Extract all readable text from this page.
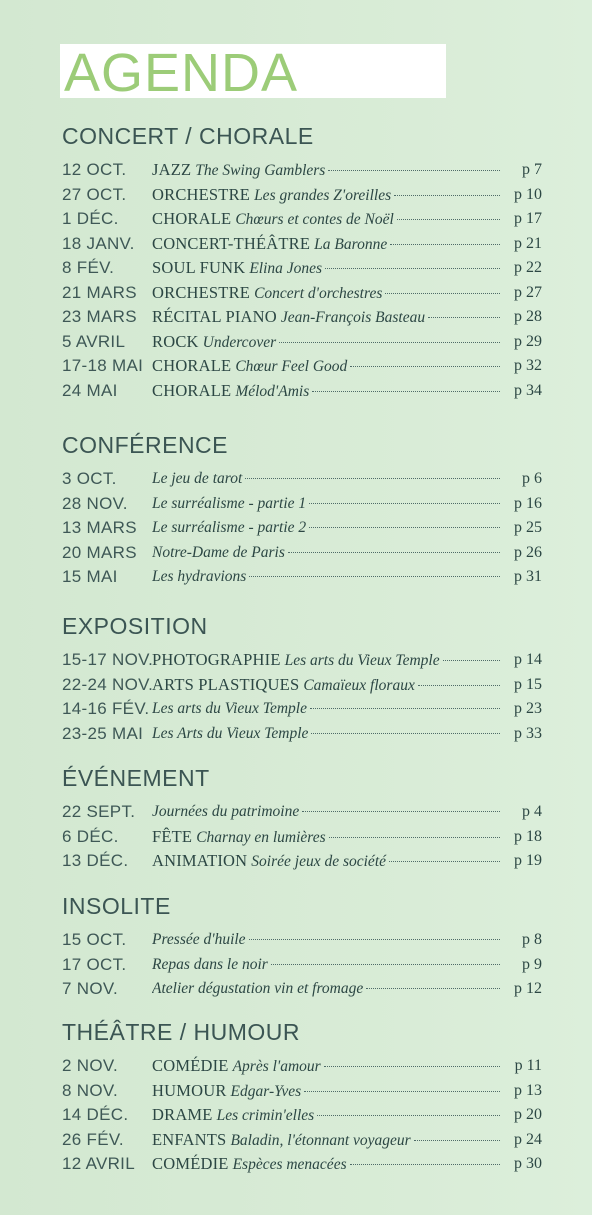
AGENDA
CONCERT / CHORALE
12 OCT. JAZZ The Swing Gamblers	p 7
27 OCT. ORCHESTRE Les grandes Z'oreilles	p 10
1 DÉC. CHORALE Chœurs et contes de Noël	p 17
18 JANV. CONCERT-THÉÂTRE La Baronne	p 21
8 FÉV. SOUL FUNK Elina Jones	p 22
21 MARS ORCHESTRE Concert d'orchestres	p 27
23 MARS RÉCITAL PIANO Jean-François Basteau	p 28
5 AVRIL ROCK Undercover	p 29
17-18 MAI CHORALE Chœur Feel Good	p 32
24 MAI CHORALE Mélod'Amis	p 34
CONFÉRENCE
3 OCT. Le jeu de tarot	p 6
28 NOV. Le surréalisme - partie 1	p 16
13 MARS Le surréalisme - partie 2	p 25
20 MARS Notre-Dame de Paris	p 26
15 MAI Les hydravions	p 31
EXPOSITION
15-17 NOV.
PHOTOGRAPHIE Les arts du Vieux Temple	p 14
22-24 NOV.
ARTS PLASTIQUES Camaïeux floraux	p 15
14-16 FÉV. Les arts du Vieux Temple	p 23
23-25 MAI Les Arts du Vieux Temple	p 33
ÉVÉNEMENT
22 SEPT. Journées du patrimoine	p 4
6 DÉC. FÊTE Charnay en lumières	p 18
13 DÉC. ANIMATION Soirée jeux de société	p 19
INSOLITE
15 OCT. Pressée d'huile	p 8
17 OCT. Repas dans le noir	p 9
7 NOV. Atelier dégustation vin et fromage	p 12
THÉÂTRE / HUMOUR
2 NOV. COMÉDIE Après l'amour	p 11
8 NOV. HUMOUR Edgar-Yves	p 13
14 DÉC. DRAME Les crimin'elles	p 20
26 FÉV. ENFANTS Baladin, l'étonnant voyageur	p 24
12 AVRIL COMÉDIE Espèces menacées	p 30
